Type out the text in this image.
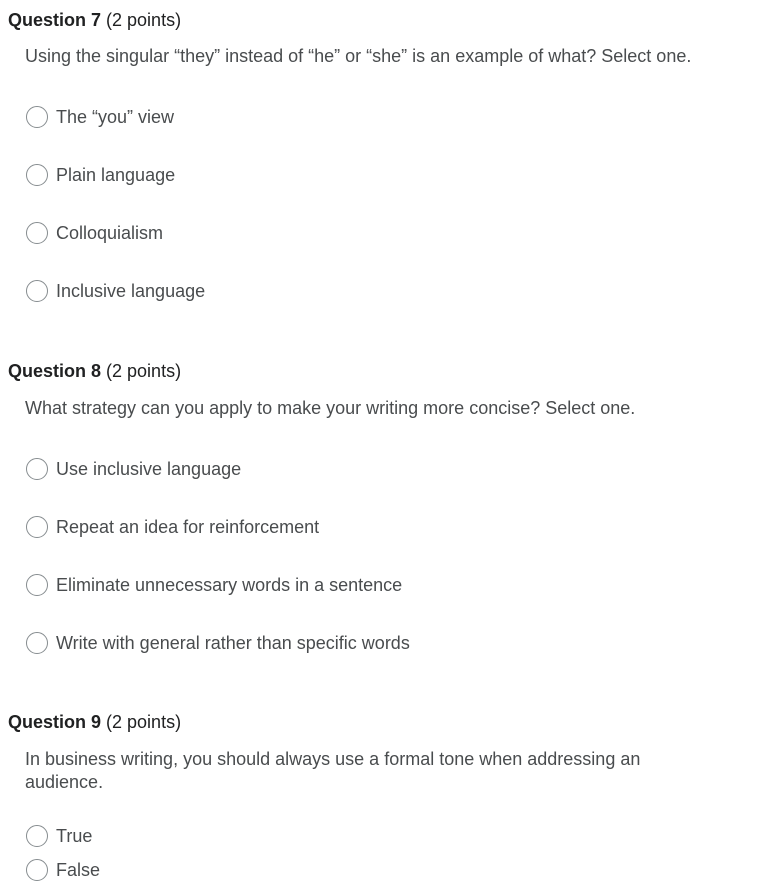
Question 7 (2 points)
Using the singular “they” instead of “he” or “she” is an example of what? Select one.
The “you” view
Plain language
Colloquialism
Inclusive language
Question 8 (2 points)
What strategy can you apply to make your writing more concise? Select one.
Use inclusive language
Repeat an idea for reinforcement
Eliminate unnecessary words in a sentence
Write with general rather than specific words
Question 9 (2 points)
In business writing, you should always use a formal tone when addressing an audience.
True
False
